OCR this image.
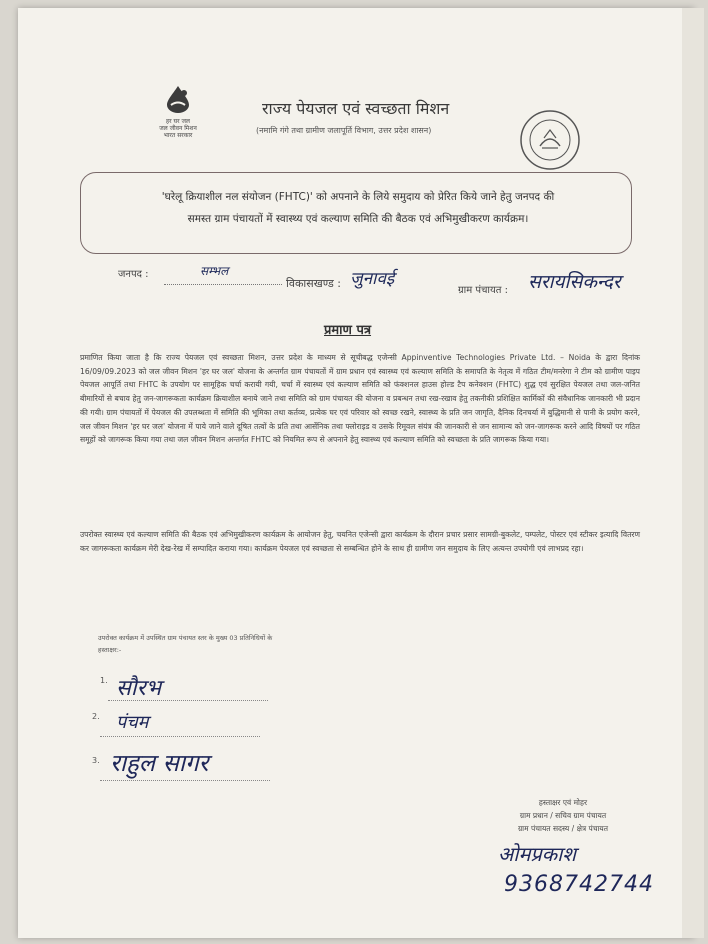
हर घर जल
जल जीवन मिशन
भारत सरकार
राज्य पेयजल एवं स्वच्छता मिशन
(नमामि गंगे तथा ग्रामीण जलापूर्ति विभाग, उत्तर प्रदेश शासन)
'घरेलू क्रियाशील नल संयोजन (FHTC)' को अपनाने के लिये समुदाय को प्रेरित किये जाने हेतु जनपद की
समस्त ग्राम पंचायतों में स्वास्थ्य एवं कल्याण समिति की बैठक एवं अभिमुखीकरण कार्यक्रम।
जनपद :	सम्भल
विकासखण्ड : जुनावई
ग्राम पंचायत : सरायसिकन्दर
प्रमाण पत्र

प्रमाणित किया जाता है कि राज्य पेयजल एवं स्वच्छता मिशन, उत्तर प्रदेश के माध्यम से सूचीबद्ध एजेन्सी Appinventive Technologies Private Ltd. – Noida के द्वारा दिनांक 16/09/09.2023 को जल जीवन मिशन 'हर घर जल' योजना के अन्तर्गत ग्राम पंचायतों में ग्राम प्रधान एवं स्वास्थ्य एवं कल्याण समिति के समापति के नेतृत्व में गठित टीम/मनरेगा ने टीम को ग्रामीण पाइप पेयजल आपूर्ति तथा FHTC के उपयोग पर सामूहिक चर्चा करायी गयी, चर्चा में स्वास्थ्य एवं कल्याण समिति को फंक्शनल हाउस होल्ड टैप कनेक्शन (FHTC) शुद्ध एवं सुरक्षित पेयजल तथा जल-जनित बीमारियों से बचाव हेतु जन-जागरूकता कार्यक्रम क्रियाशील बनाये जाने तथा समिति को ग्राम पंचायत की योजना व प्रबन्धन तथा रख-रखाव हेतु तकनीकी प्रशिक्षित कार्मिकों की संवैधानिक जानकारी भी प्रदान की गयी। ग्राम पंचायतों में पेयजल की उपलब्धता में समिति की भूमिका तथा कर्तव्य, प्रत्येक घर एवं परिवार को स्वच्छ रखने, स्वास्थ्य के प्रति जन जागृति, दैनिक दिनचर्या में बुद्धिमानी से पानी के प्रयोग करने, जल जीवन मिशन 'हर घर जल' योजना में पाये जाने वाले दूषित तत्वों के प्रति तथा आर्सेनिक तथा फ्लोराइड व उसके रिमूवल संयंत्र की जानकारी से जन सामान्य को जन-जागरूक करने आदि विषयों पर गठित समूहों को जागरूक किया गया तथा जल जीवन मिशन अन्तर्गत FHTC को नियमित रूप से अपनाने हेतु स्वास्थ्य एवं कल्याण समिति को स्वच्छता के प्रति जागरूक किया गया।

उपरोक्त स्वास्थ्य एवं कल्याण समिति की बैठक एवं अभिमुखीकरण कार्यक्रम के आयोजन हेतु, चयनित एजेन्सी द्वारा कार्यक्रम के दौरान प्रचार प्रसार सामग्री-बुकलेट, पम्पलेट, पोस्टर एवं स्टीकर इत्यादि वितरण कर जागरूकता कार्यक्रम मेरी देख-रेख में सम्पादित कराया गया। कार्यक्रम पेयजल एवं स्वच्छता से सम्बन्धित होने के साथ ही ग्रामीण जन समुदाय के लिए अत्यन्त उपयोगी एवं लाभप्रद रहा।

उपरोक्त कार्यक्रम में उपस्थित ग्राम पंचायत स्तर के मुख्य 03 प्रतिनिधियों के
हस्ताक्षर:-
1. सौरभ
2. पंचम
3. राहुल सागर
हस्ताक्षर एवं मोहर
ग्राम प्रधान / सचिव ग्राम पंचायत
ग्राम पंचायत सदस्य / क्षेत्र पंचायत
ओमप्रकाश
9368742744
